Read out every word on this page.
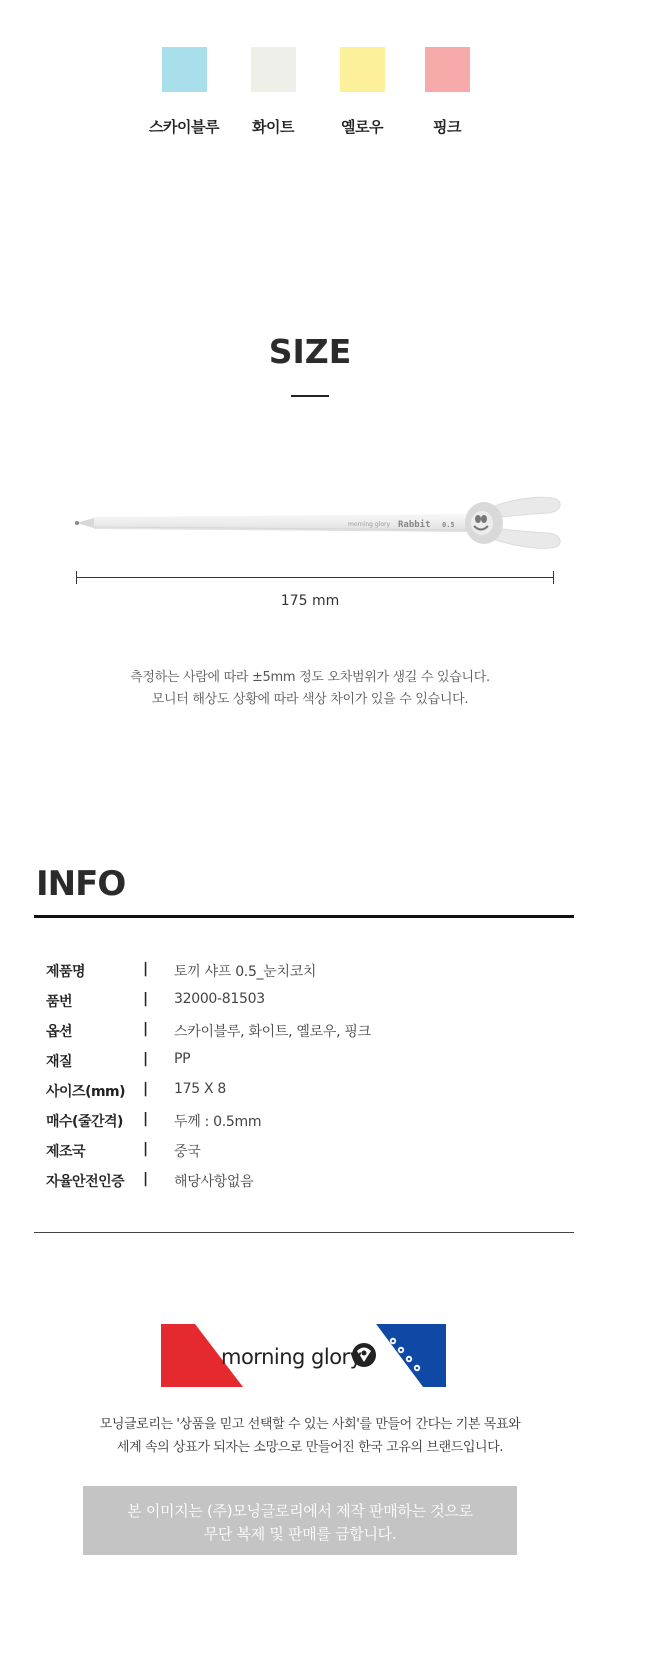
스카이블루	화이트	옐로우	핑크
SIZE
morning glory Rabbit 0.5
175 mm
측정하는 사람에 따라 ±5mm 정도 오차범위가 생길 수 있습니다.
모니터 해상도 상황에 따라 색상 차이가 있을 수 있습니다.
INFO
제품명	| 토끼 샤프 0.5_눈치코치
품번	| 32000-81503
옵션	| 스카이블루, 화이트, 옐로우, 핑크
재질	| PP
사이즈(mm) | 175 X 8
매수(줄간격) | 두께 : 0.5mm
제조국	| 중국
자율안전인증 | 해당사항없음
morning glory
모닝글로리는 '상품을 믿고 선택할 수 있는 사회'를 만들어 간다는 기본 목표와
세계 속의 상표가 되자는 소망으로 만들어진 한국 고유의 브랜드입니다.
본 이미지는 (주)모닝글로리에서 제작 판매하는 것으로
무단 복제 및 판매를 금합니다.
